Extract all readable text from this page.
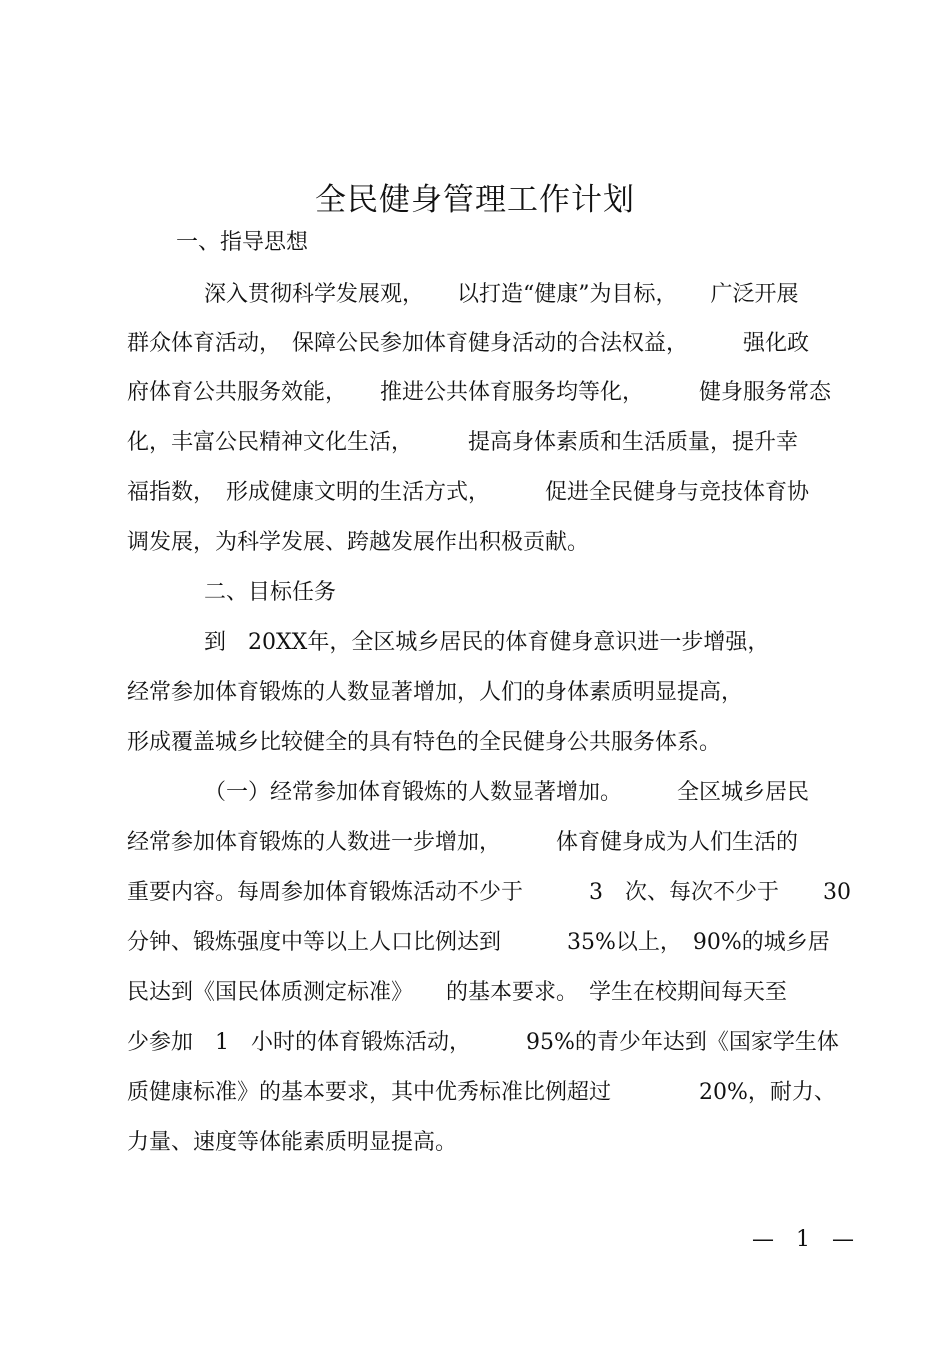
全民健身管理工作计划
一、指导思想
深入贯彻科学发展观，　　以打造“健康”为目标，　　广泛开展
群众体育活动，　保障公民参加体育健身活动的合法权益，　　　强化政
府体育公共服务效能，　　推进公共体育服务均等化，　　　健身服务常态
化，丰富公民精神文化生活，　　　提高身体素质和生活质量，提升幸
福指数，　形成健康文明的生活方式，　　　促进全民健身与竞技体育协
调发展，为科学发展、跨越发展作出积极贡献。
二、目标任务
到　20XX年，全区城乡居民的体育健身意识进一步增强，
经常参加体育锻炼的人数显著增加，人们的身体素质明显提高，
形成覆盖城乡比较健全的具有特色的全民健身公共服务体系。
（一）经常参加体育锻炼的人数显著增加。　　　全区城乡居民
经常参加体育锻炼的人数进一步增加，　　　体育健身成为人们生活的
重要内容。每周参加体育锻炼活动不少于　　　3　次、每次不少于　　30
分钟、锻炼强度中等以上人口比例达到　　　35%以上，　90%的城乡居
民达到《国民体质测定标准》　　的基本要求。　学生在校期间每天至
少参加　1　小时的体育锻炼活动，　　　95%的青少年达到《国家学生体
质健康标准》的基本要求，其中优秀标准比例超过　　　　20%，耐力、
力量、速度等体能素质明显提高。
—　1　—
